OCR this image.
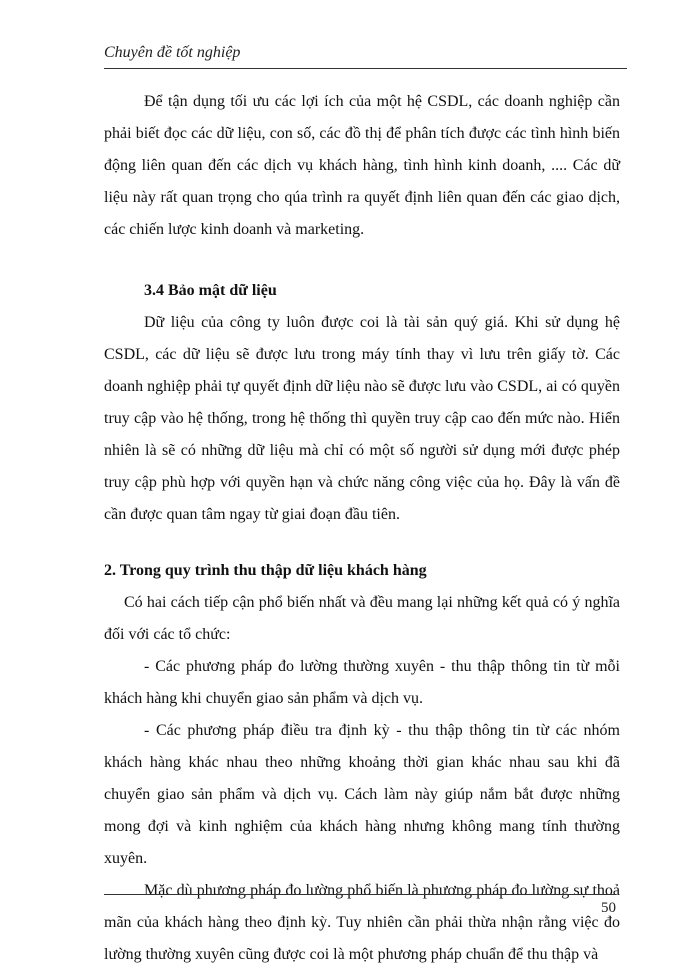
Chuyên đề tốt nghiệp

Để tận dụng tối ưu các lợi ích của một hệ CSDL, các doanh nghiệp cần phải biết đọc các dữ liệu, con số, các đồ thị để phân tích được các tình hình biến động liên quan đến các dịch vụ khách hàng, tình hình kinh doanh, .... Các dữ liệu này rất quan trọng cho qúa trình ra quyết định liên quan đến các giao dịch, các chiến lược kinh doanh và marketing.

3.4 Bảo mật dữ liệu

Dữ liệu của công ty luôn được coi là tài sản quý giá. Khi sử dụng hệ CSDL, các dữ liệu sẽ được lưu trong máy tính thay vì lưu trên giấy tờ. Các doanh nghiệp phải tự quyết định dữ liệu nào sẽ được lưu vào CSDL, ai có quyền truy cập vào hệ thống, trong hệ thống thì quyền truy cập cao đến mức nào. Hiển nhiên là sẽ có những dữ liệu mà chỉ có một số người sử dụng mới được phép truy cập phù hợp với quyền hạn và chức năng công việc của họ. Đây là vấn đề cần được quan tâm ngay từ giai đoạn đầu tiên.

2. Trong quy trình thu thập dữ liệu khách hàng

Có hai cách tiếp cận phổ biến nhất và đều mang lại những kết quả có ý nghĩa đối với các tổ chức:

- Các phương pháp đo lường thường xuyên - thu thập thông tin từ mỗi khách hàng khi chuyển giao sản phẩm và dịch vụ.

- Các phương pháp điều tra định kỳ - thu thập thông tin từ các nhóm khách hàng khác nhau theo những khoảng thời gian khác nhau sau khi đã chuyển giao sản phẩm và dịch vụ. Cách làm này giúp nắm bắt được những mong đợi và kinh nghiệm của khách hàng nhưng không mang tính thường xuyên.

Mặc dù phương pháp đo lường phổ biến là phương pháp đo lường sự thoả mãn của khách hàng theo định kỳ. Tuy nhiên cần phải thừa nhận rằng việc đo lường thường xuyên cũng được coi là một phương pháp chuẩn để thu thập và

50
